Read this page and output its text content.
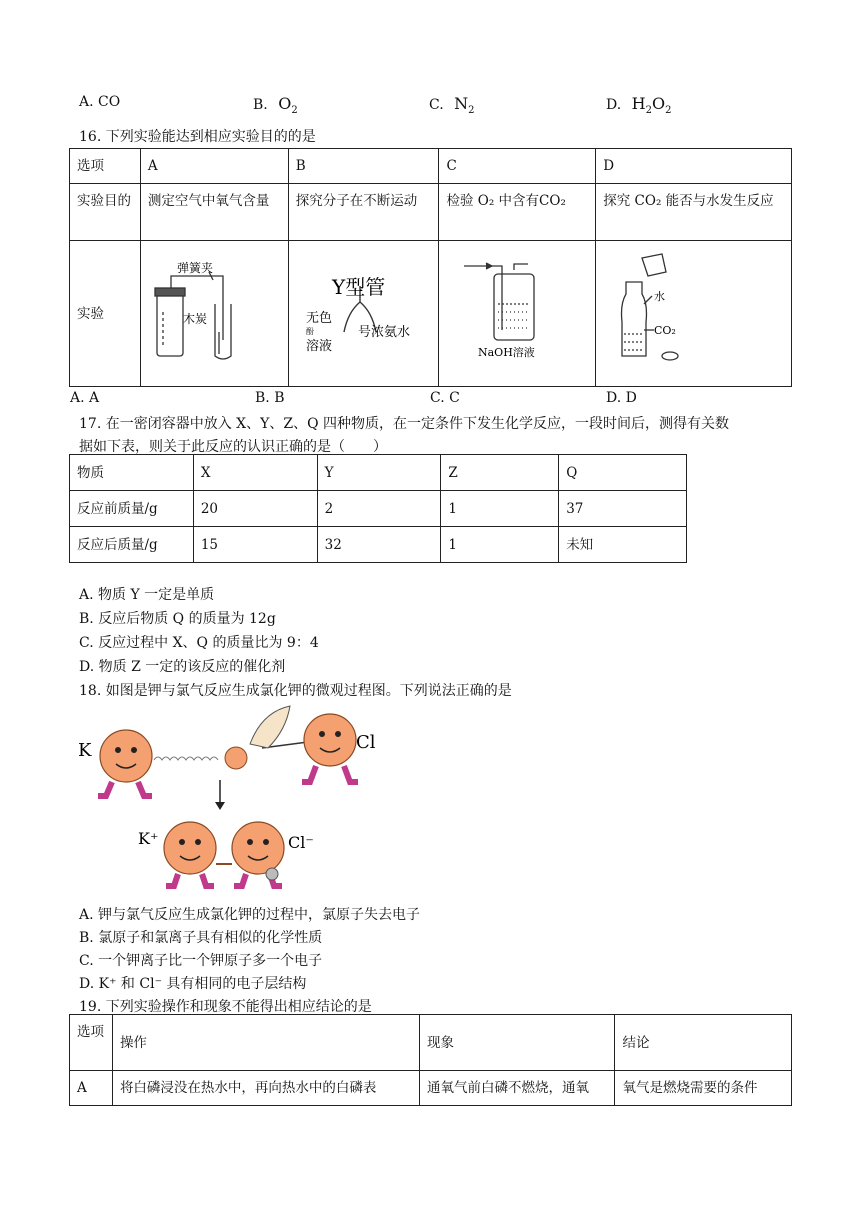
A. CO	B. $O_2$	C. $N_2$	D. $H_2O_2$
16. 下列实验能达到相应实验目的的是
选项	A	B	C	D
实验目的	测定空气中氧气含量	探究分子在不断运动	检验 O₂ 中含有CO₂	探究 CO₂ 能否与水发生反应
实验				
弹簧夹
木炭
Y型管
无色
酚
溶液
号浓氨水
NaOH溶液
水
CO₂
A. A	B. B	C. C	D. D
17. 在一密闭容器中放入 X、Y、Z、Q 四种物质，在一定条件下发生化学反应，一段时间后，测得有关数
据如下表，则关于此反应的认识正确的是（　　）
物质	X	Y	Z	Q
反应前质量/g	20	2	1	37
反应后质量/g	15	32	1	未知
A. 物质 Y 一定是单质
B. 反应后物质 Q 的质量为 12g
C. 反应过程中 X、Q 的质量比为 9：4
D. 物质 Z 一定的该反应的催化剂
18. 如图是钾与氯气反应生成氯化钾的微观过程图。下列说法正确的是
K	Cl
K⁺	Cl⁻
A. 钾与氯气反应生成氯化钾的过程中，氯原子失去电子
B. 氯原子和氯离子具有相似的化学性质
C. 一个钾离子比一个钾原子多一个电子
D. K⁺ 和 Cl⁻ 具有相同的电子层结构
19. 下列实验操作和现象不能得出相应结论的是
选项	操作	现象	结论
A	将白磷浸没在热水中，再向热水中的白磷表	通氧气前白磷不燃烧，通氧	氧气是燃烧需要的条件
